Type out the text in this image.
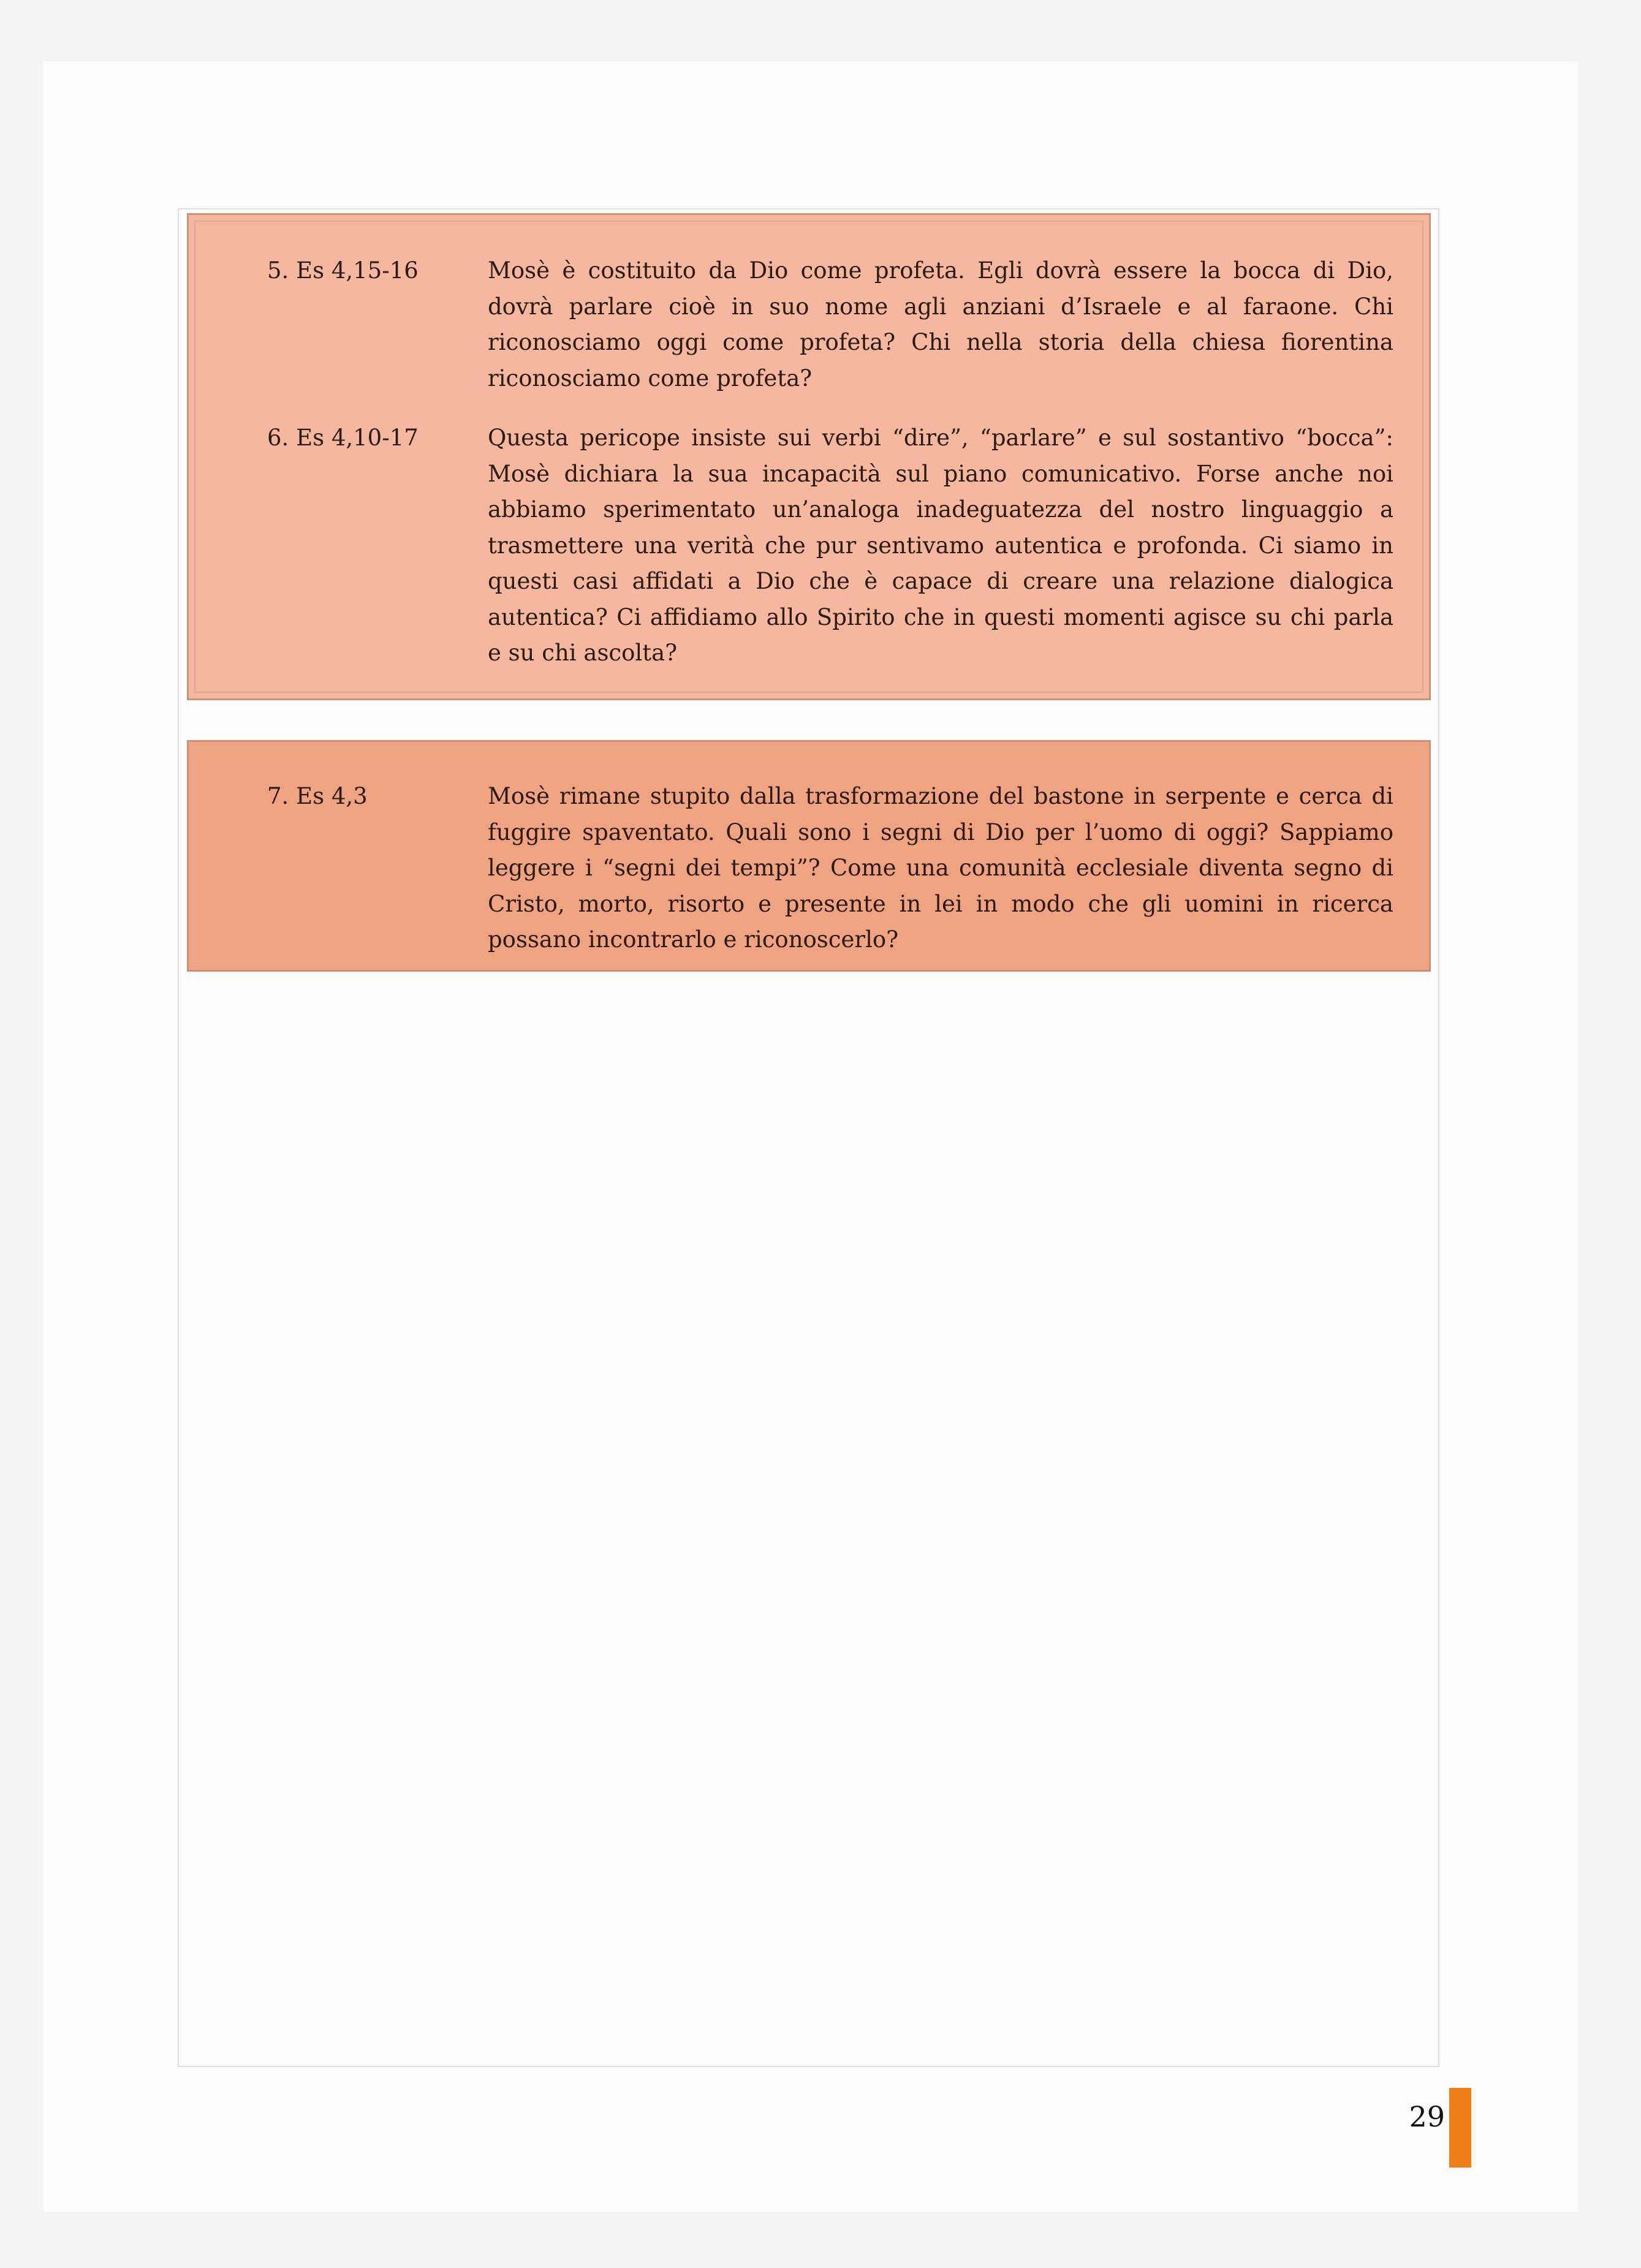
5. Es 4,15-16	Mosè è costituito da Dio come profeta. Egli dovrà essere la bocca di Dio, dovrà parlare cioè in suo nome agli anziani d’Israele e al faraone. Chi riconosciamo oggi come profeta? Chi nella storia della chiesa fiorentina riconosciamo come profeta?

6. Es 4,10-17	Questa pericope insiste sui verbi “dire”, “parlare” e sul sostantivo “bocca”: Mosè dichiara la sua incapacità sul piano comunicativo. Forse anche noi abbiamo sperimentato un’analoga inadeguatezza del nostro linguaggio a trasmettere una verità che pur sentivamo autentica e profonda. Ci siamo in questi casi affidati a Dio che è capace di creare una relazione dialogica autentica? Ci affidiamo allo Spirito che in questi momenti agisce su chi parla e su chi ascolta?

7. Es 4,3	Mosè rimane stupito dalla trasformazione del bastone in serpente e cerca di fuggire spaventato. Quali sono i segni di Dio per l’uomo di oggi? Sappiamo leggere i “segni dei tempi”? Come una comunità ecclesiale diventa segno di Cristo, morto, risorto e presente in lei in modo che gli uomini in ricerca possano incontrarlo e riconoscerlo?

29
